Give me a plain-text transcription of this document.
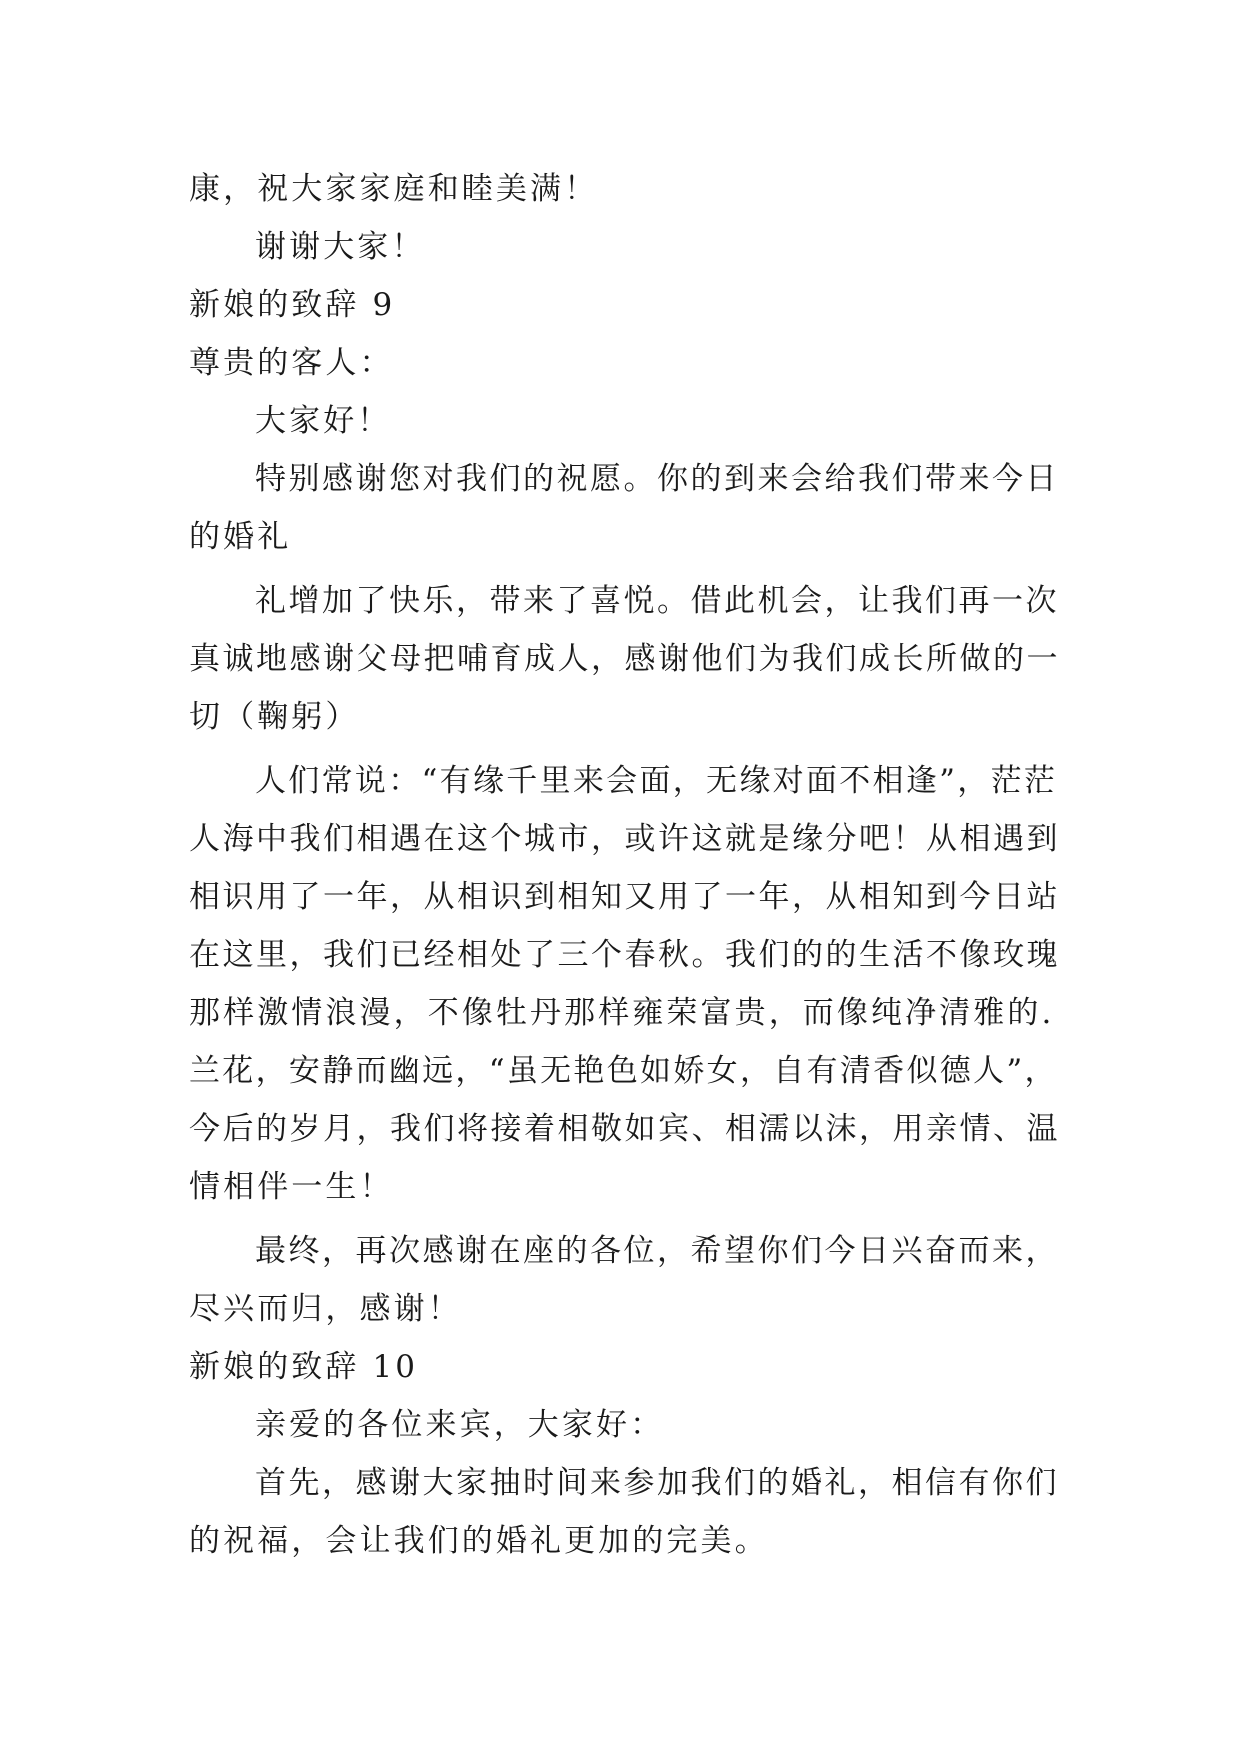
康，祝大家家庭和睦美满！
谢谢大家！
新娘的致辞 9
尊贵的客人：
大家好！
特别感谢您对我们的祝愿。你的到来会给我们带来今日
的婚礼
礼增加了快乐，带来了喜悦。借此机会，让我们再一次
真诚地感谢父母把哺育成人，感谢他们为我们成长所做的一
切（鞠躬）
人们常说：“有缘千里来会面，无缘对面不相逢”，茫茫
人海中我们相遇在这个城市，或许这就是缘分吧！从相遇到
相识用了一年，从相识到相知又用了一年，从相知到今日站
在这里，我们已经相处了三个春秋。我们的的生活不像玫瑰
那样激情浪漫，不像牡丹那样雍荣富贵，而像纯净清雅的.
兰花，安静而幽远，“虽无艳色如娇女，自有清香似德人”，
今后的岁月，我们将接着相敬如宾、相濡以沫，用亲情、温
情相伴一生！
最终，再次感谢在座的各位，希望你们今日兴奋而来，
尽兴而归，感谢！
新娘的致辞 10
亲爱的各位来宾，大家好：
首先，感谢大家抽时间来参加我们的婚礼，相信有你们
的祝福，会让我们的婚礼更加的完美。
